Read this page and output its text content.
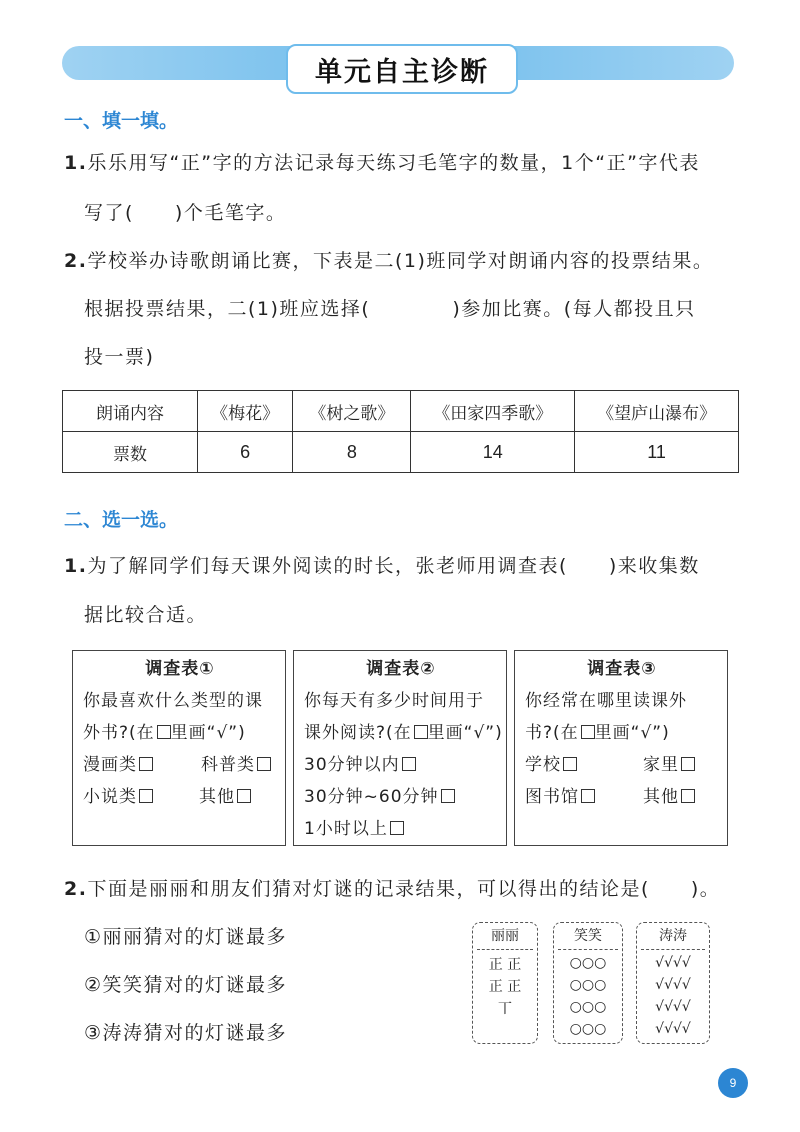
单元自主诊断
一、填一填。
1.乐乐用写“正”字的方法记录每天练习毛笔字的数量，1个“正”字代表
写了(　　)个毛笔字。
2.学校举办诗歌朗诵比赛，下表是二(1)班同学对朗诵内容的投票结果。
根据投票结果，二(1)班应选择(　　　　)参加比赛。(每人都投且只
投一票)
朗诵内容	《梅花》	《树之歌》	《田家四季歌》	《望庐山瀑布》
票数	6	8	14	11
二、选一选。
1.为了解同学们每天课外阅读的时长，张老师用调查表(　　)来收集数
据比较合适。
调查表①
你最喜欢什么类型的课
外书?(在 里画“√”)
漫画类	科普类
小说类	其他
调查表②
你每天有多少时间用于
课外阅读?(在 里画“√”)
30分钟以内
30分钟~60分钟
1小时以上
调查表③
你经常在哪里读课外
书?(在 里画“√”)
学校	家里
图书馆	其他
2.下面是丽丽和朋友们猜对灯谜的记录结果，可以得出的结论是(　　)。
①丽丽猜对的灯谜最多
②笑笑猜对的灯谜最多
③涛涛猜对的灯谜最多
丽丽
正 正
正 正
丅　　
笑笑
○○○
○○○
○○○
○○○
涛涛
√√√√
√√√√
√√√√
√√√√
9
